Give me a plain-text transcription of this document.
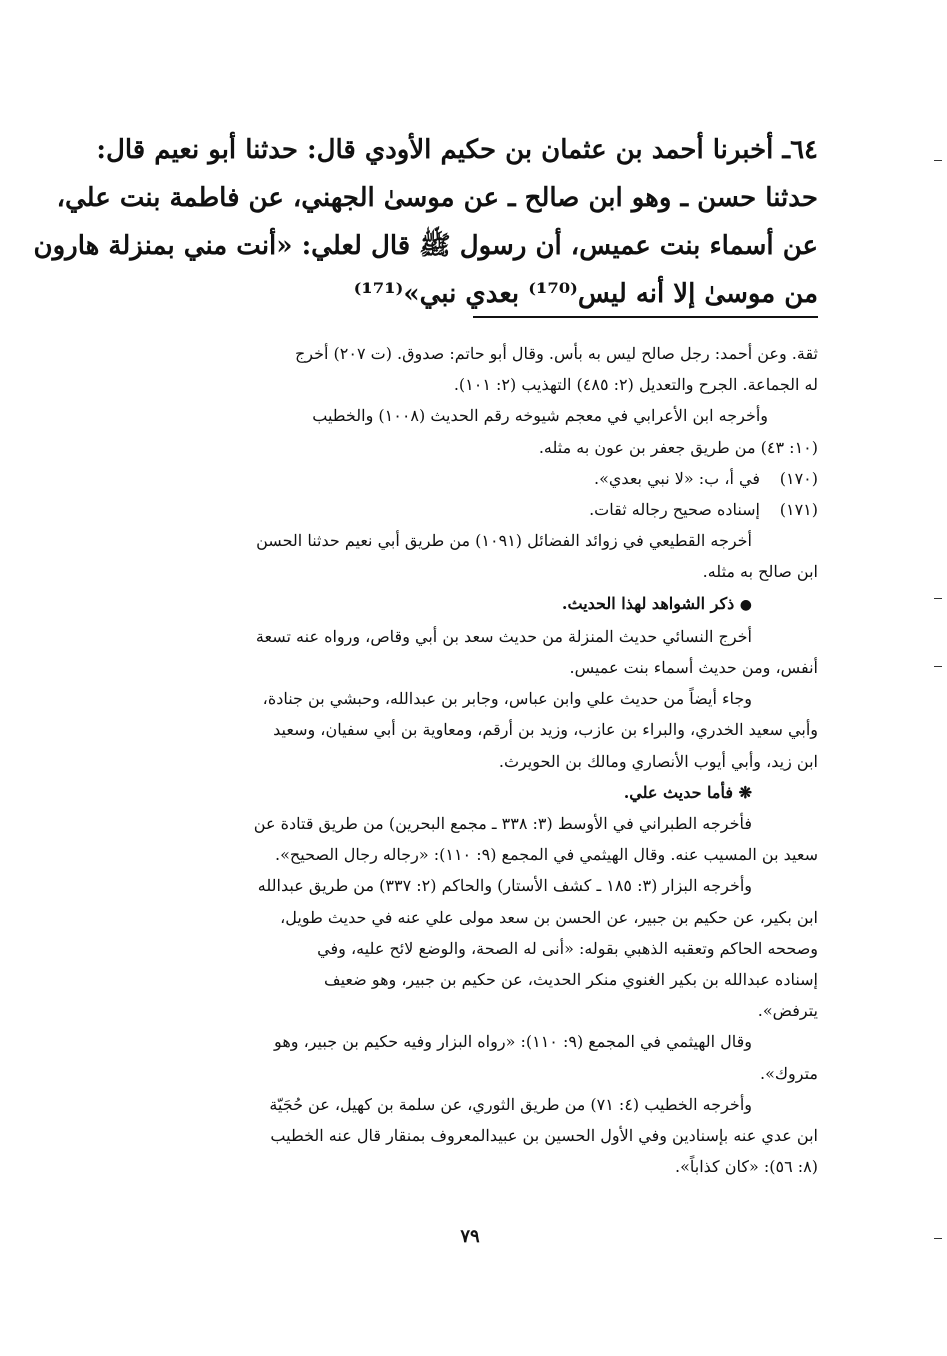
٦٤ـ أخبرنا أحمد بن عثمان بن حكيم الأودي قال: حدثنا أبو نعيم قال:

حدثنا حسن ـ وهو ابن صالح ـ عن موسىٰ الجهني، عن فاطمة بنت علي،

عن أسماء بنت عميس، أن رسول ﷺ قال لعلي: «أنت مني بمنزلة هارون

من موسىٰ إلا أنه ليس⁽¹⁷⁰⁾ بعدي نبي»⁽¹⁷¹⁾

ثقة. وعن أحمد: رجل صالح ليس به بأس. وقال أبو حاتم: صدوق. (ت ٢٠٧) أخرج

له الجماعة. الجرح والتعديل (٢: ٤٨٥) التهذيب (٢: ١٠١).

وأخرجه ابن الأعرابي في معجم شيوخه رقم الحديث (١٠٠٨) والخطيب

(١٠: ٤٣) من طريق جعفر بن عون به مثله.

(١٧٠)في أ، ب: «لا نبي بعدي».

(١٧١)إسناده صحيح رجاله ثقات.

أخرجه القطيعي في زوائد الفضائل (١٠٩١) من طريق أبي نعيم حدثنا الحسن

ابن صالح به مثله.

● ذكر الشواهد لهذا الحديث.

أخرج النسائي حديث المنزلة من حديث سعد بن أبي وقاص، ورواه عنه تسعة

أنفس، ومن حديث أسماء بنت عميس.

وجاء أيضاً من حديث علي وابن عباس، وجابر بن عبدالله، وحبشي بن جنادة،

وأبي سعيد الخدري، والبراء بن عازب، وزيد بن أرقم، ومعاوية بن أبي سفيان، وسعيد

ابن زيد، وأبي أيوب الأنصاري ومالك بن الحويرث.

❋ فأما حديث علي.

فأخرجه الطبراني في الأوسط (٣: ٣٣٨ ـ مجمع البحرين) من طريق قتادة عن

سعيد بن المسيب عنه. وقال الهيثمي في المجمع (٩: ١١٠): «رجاله رجال الصحيح».

وأخرجه البزار (٣: ١٨٥ ـ كشف الأستار) والحاكم (٢: ٣٣٧) من طريق عبدالله

ابن بكير، عن حكيم بن جبير، عن الحسن بن سعد مولى علي عنه في حديث طويل،

وصححه الحاكم وتعقبه الذهبي بقوله: «أنى له الصحة، والوضع لائح عليه، وفي

إسناده عبدالله بن بكير الغنوي منكر الحديث، عن حكيم بن جبير، وهو ضعيف

يترفض».

وقال الهيثمي في المجمع (٩: ١١٠): «رواه البزار وفيه حكيم بن جبير، وهو

متروك».

وأخرجه الخطيب (٤: ٧١) من طريق الثوري، عن سلمة بن كهيل، عن حُجَيّة

ابن عدي عنه بإسنادين وفي الأول الحسين بن عبيدالمعروف بمنقار قال عنه الخطيب

(٨: ٥٦): «كان كذاباً».

٧٩
